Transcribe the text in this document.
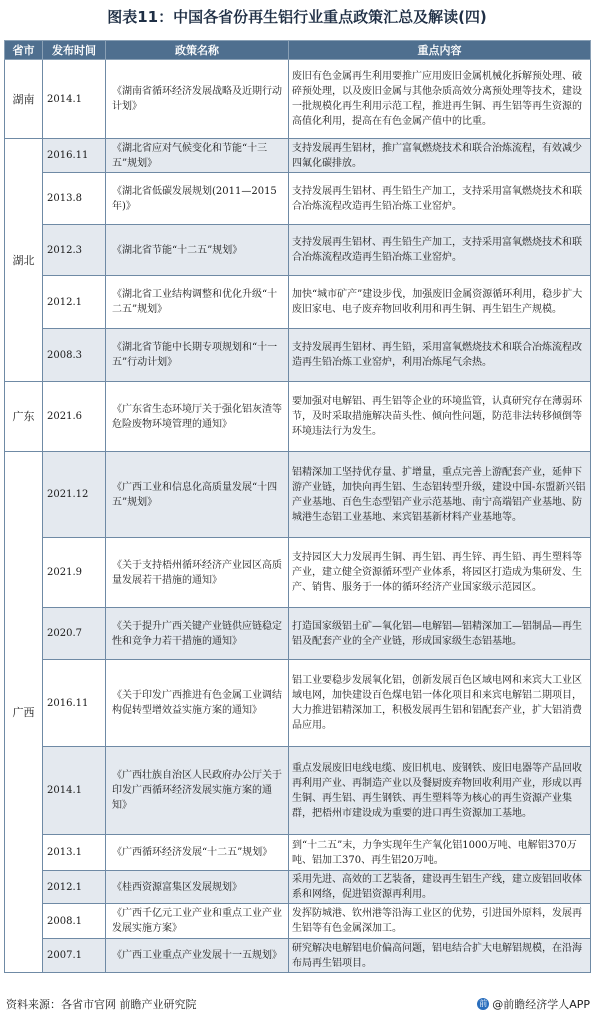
图表11：中国各省份再生铝行业重点政策汇总及解读(四)
省市	发布时间	政策名称	重点内容
湖南	2014.1	《湖南省循环经济发展战略及近期行动计划》	废旧有色金属再生利用要推广应用废旧金属机械化拆解预处理、破碎预处理，以及废旧金属与其他杂质高效分离预处理等技术，建设一批规模化再生利用示范工程，推进再生铜、再生铝等再生资源的高值化利用，提高在有色金属产值中的比重。
湖北	2016.11	《湖北省应对气候变化和节能“十三五”规划》	支持发展再生铝材，推广富氧燃烧技术和联合治炼流程，有效减少四氟化碳排放。
	2013.8	《湖北省低碳发展规划(2011—2015年)》	支持发展再生铝材、再生铅生产加工，支持采用富氧燃烧技术和联合冶炼流程改造再生铅冶炼工业窑炉。
	2012.3	《湖北省节能“十二五”规划》	支持发展再生铝材、再生铅生产加工，支持采用富氧燃烧技术和联合冶炼流程改造再生铅冶炼工业窑炉。
	2012.1	《湖北省工业结构调整和优化升级“十二五”规划》	加快“城市矿产”建设步伐，加强废旧金属资源循环利用，稳步扩大废旧家电、电子废弃物回收利用和再生铜、再生铝生产规模。
	2008.3	《湖北省节能中长期专项规划和“十一五”行动计划》	支持发展再生铝材、再生铅，采用富氧燃烧技术和联合冶炼流程改造再生铅冶炼工业窑炉，利用冶炼尾气余热。
广东	2021.6	《广东省生态环境厅关于强化铝灰渣等危险废物环境管理的通知》	要加强对电解铝、再生铝等企业的环境监管，认真研究存在薄弱环节，及时采取措施解决苗头性、倾向性问题，防范非法转移倾倒等环境违法行为发生。
广西	2021.12	《广西工业和信息化高质量发展“十四五”规划》	铝精深加工坚持优存量、扩增量，重点完善上游配套产业，延伸下游产业链，加快向再生铝、生态铝转型升级，建设中国-东盟新兴铝产业基地、百色生态型铝产业示范基地、南宁高端铝产业基地、防城港生态铝工业基地、来宾铝基新材料产业基地等。
	2021.9	《关于支持梧州循环经济产业园区高质量发展若干措施的通知》	支持园区大力发展再生铜、再生铝、再生锌、再生铅、再生塑料等产业，建立健全资源循环型产业体系，将园区打造成为集研发、生产、销售、服务于一体的循环经济产业国家级示范园区。
	2020.7	《关于提升广西关键产业链供应链稳定性和竞争力若干措施的通知》	打造国家级铝土矿—氧化铝—电解铝—铝精深加工—铝制品—再生铝及配套产业的全产业链，形成国家级生态铝基地。
	2016.11	《关于印发广西推进有色金属工业调结构促转型增效益实施方案的通知》	铝工业要稳步发展氧化铝，创新发展百色区域电网和来宾大工业区域电网，加快建设百色煤电铝一体化项目和来宾电解铝二期项目，大力推进铝精深加工，积极发展再生铝和铝配套产业，扩大铝消费品应用。
	2014.1	《广西壮族自治区人民政府办公厅关于印发广西循环经济发展实施方案的通知》	重点发展废旧电线电缆、废旧机电、废钢铁、废旧电器等产品回收再利用产业、再制造产业以及餐厨废弃物回收利用产业，形成以再生铜、再生铝、再生钢铁、再生塑料等为核心的再生资源产业集群，把梧州市建设成为重要的进口再生资源加工基地。
	2013.1	《广西循环经济发展“十二五”规划》	到“十二五”末，力争实现年生产氧化铝1000万吨、电解铝370万吨、铝加工370、再生铝20万吨。
	2012.1	《桂西资源富集区发展规划》	采用先进、高效的工艺装备，建设再生铝生产线，建立废铝回收体系和网络，促进铝资源再利用。
	2008.1	《广西千亿元工业产业和重点工业产业发展实施方案》	发挥防城港、钦州港等沿海工业区的优势，引进国外原料，发展再生铝等有色金属深加工。
	2007.1	《广西工业重点产业发展十一五规划》	研究解决电解铝电价偏高问题，铝电结合扩大电解铝规模，在沿海布局再生铝项目。
资料来源：各省市官网 前瞻产业研究院	前 @前瞻经济学人APP
